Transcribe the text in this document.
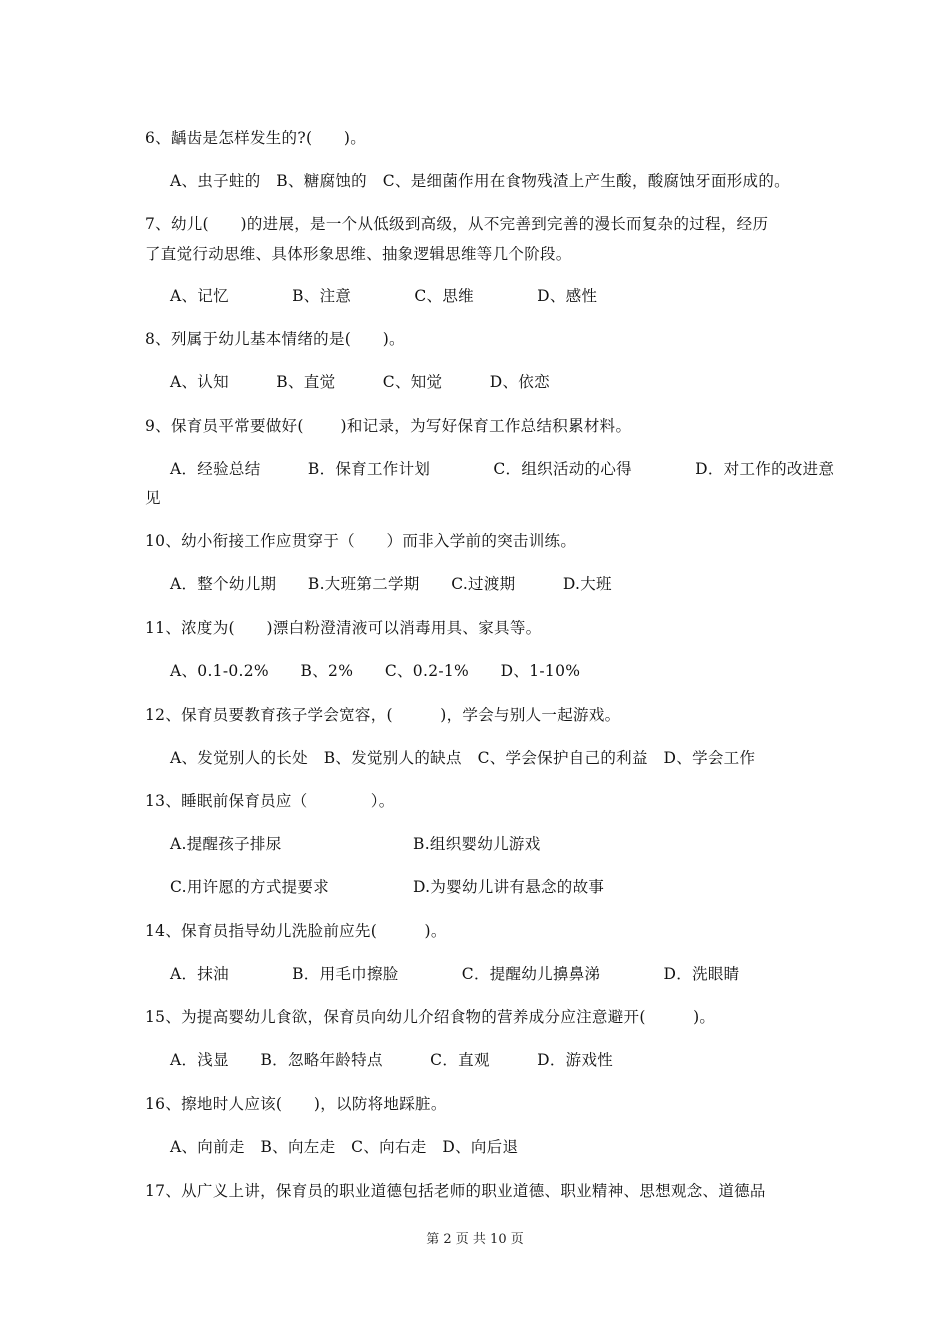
6、龋齿是怎样发生的?(　　)。
A、虫子蛀的　B、糖腐蚀的　C、是细菌作用在食物残渣上产生酸，酸腐蚀牙面形成的。
7、幼儿(　　)的进展，是一个从低级到高级，从不完善到完善的漫长而复杂的过程，经历
了直觉行动思维、具体形象思维、抽象逻辑思维等几个阶段。
A、记忆　　　　B、注意　　　　C、思维　　　　D、感性
8、列属于幼儿基本情绪的是(　　)。
A、认知　　　B、直觉　　　C、知觉　　　D、依恋
9、保育员平常要做好(　　 )和记录，为写好保育工作总结积累材料。
A．经验总结　　　B．保育工作计划　　　　C．组织活动的心得　　　　D．对工作的改进意
见
10、幼小衔接工作应贯穿于（　　）而非入学前的突击训练。
A．整个幼儿期　　B.大班第二学期　　C.过渡期　　　D.大班
11、浓度为(　　)漂白粉澄清液可以消毒用具、家具等。
A、0.1-0.2%　　B、2%　　C、0.2-1%　　D、1-10%
12、保育员要教育孩子学会宽容，(　　　)，学会与别人一起游戏。
A、发觉别人的长处　B、发觉别人的缺点　C、学会保护自己的利益　D、学会工作
13、睡眠前保育员应（　　　　）。
A.提醒孩子排尿	B.组织婴幼儿游戏
C.用许愿的方式提要求	D.为婴幼儿讲有悬念的故事
14、保育员指导幼儿洗脸前应先(　　　)。
A．抹油　　　　B．用毛巾擦脸　　　　C．提醒幼儿擤鼻涕　　　　D．洗眼睛
15、为提高婴幼儿食欲，保育员向幼儿介绍食物的营养成分应注意避开(　　　)。
A．浅显　　B．忽略年龄特点　　　C．直观　　　D．游戏性
16、擦地时人应该(　　)，以防将地踩脏。
A、向前走　B、向左走　C、向右走　D、向后退
17、从广义上讲，保育员的职业道德包括老师的职业道德、职业精神、思想观念、道德品
第 2 页 共 10 页
